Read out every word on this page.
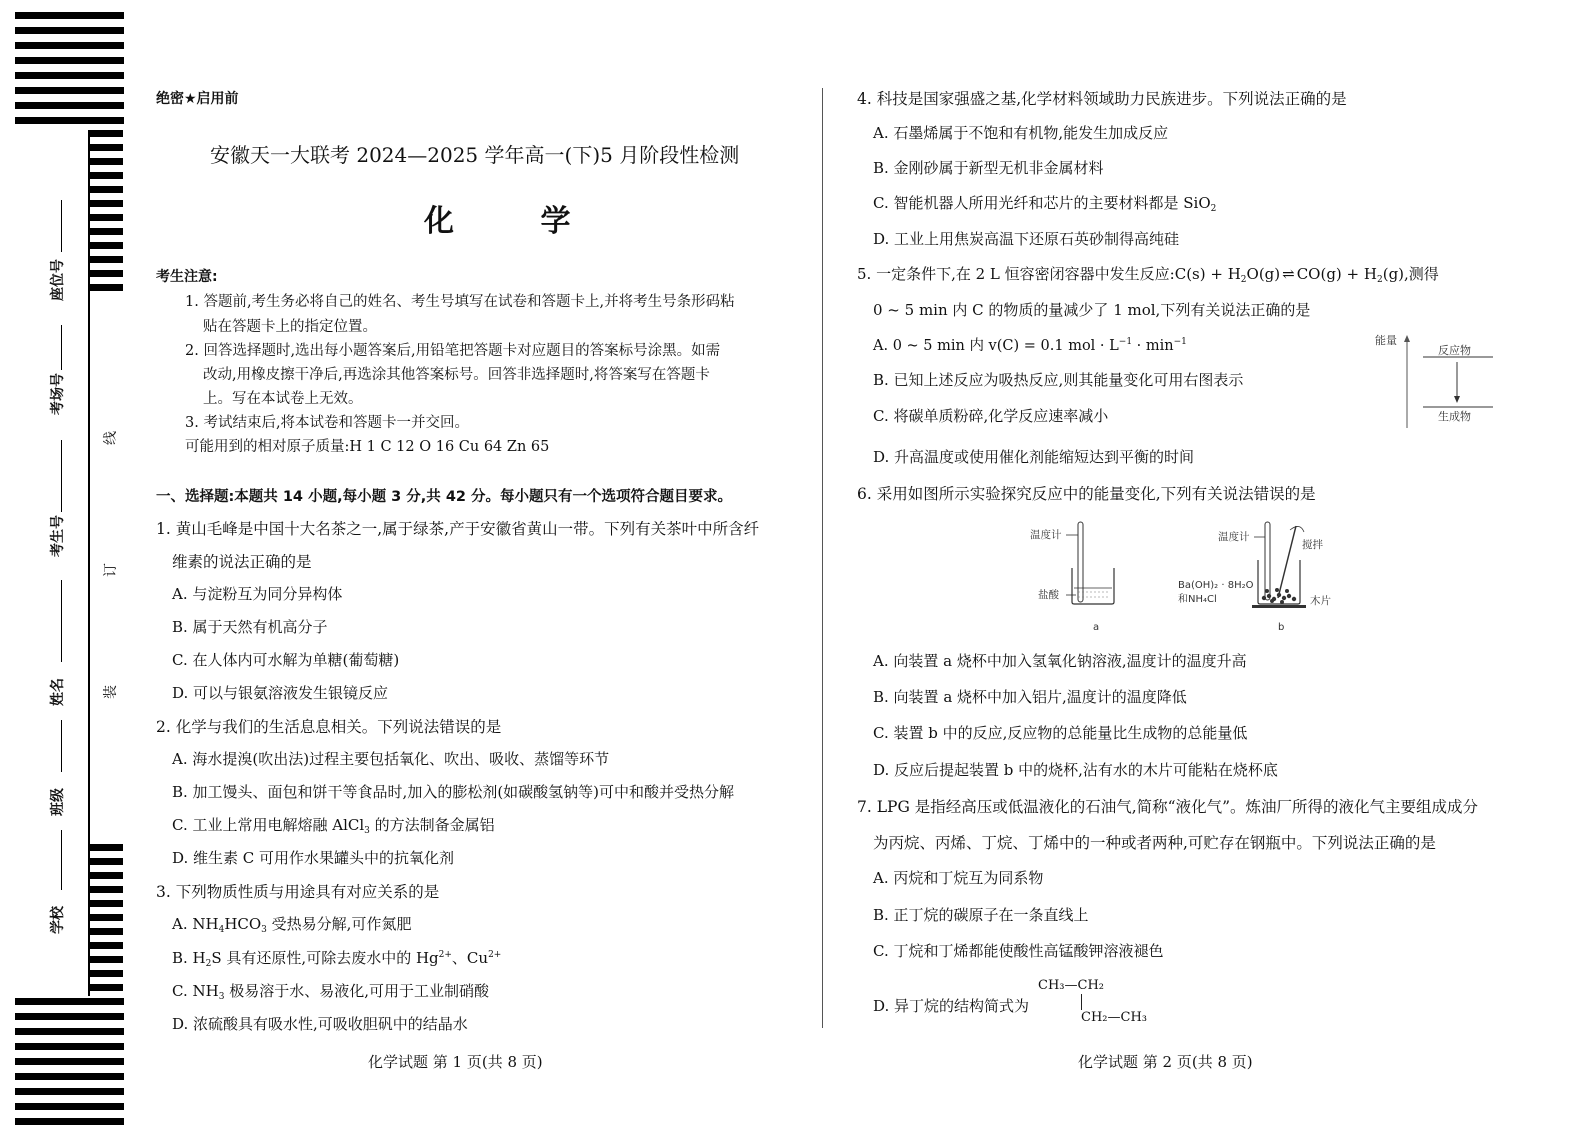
座位号
考场号
考生号
姓名
班级
学校
线
订
装
绝密★启用前
安徽天一大联考 2024—2025 学年高一(下)5 月阶段性检测
化 学
考生注意:
1. 答题前,考生务必将自己的姓名、考生号填写在试卷和答题卡上,并将考生号条形码粘
贴在答题卡上的指定位置。
2. 回答选择题时,选出每小题答案后,用铅笔把答题卡对应题目的答案标号涂黑。如需
改动,用橡皮擦干净后,再选涂其他答案标号。回答非选择题时,将答案写在答题卡
上。写在本试卷上无效。
3. 考试结束后,将本试卷和答题卡一并交回。
可能用到的相对原子质量:H 1 C 12 O 16 Cu 64 Zn 65
一、选择题:本题共 14 小题,每小题 3 分,共 42 分。每小题只有一个选项符合题目要求。
1. 黄山毛峰是中国十大名茶之一,属于绿茶,产于安徽省黄山一带。下列有关茶叶中所含纤
维素的说法正确的是
A. 与淀粉互为同分异构体
B. 属于天然有机高分子
C. 在人体内可水解为单糖(葡萄糖)
D. 可以与银氨溶液发生银镜反应
2. 化学与我们的生活息息相关。下列说法错误的是
A. 海水提溴(吹出法)过程主要包括氧化、吹出、吸收、蒸馏等环节
B. 加工馒头、面包和饼干等食品时,加入的膨松剂(如碳酸氢钠等)可中和酸并受热分解
C. 工业上常用电解熔融 AlCl$_3$ 的方法制备金属铝
D. 维生素 C 可用作水果罐头中的抗氧化剂
3. 下列物质性质与用途具有对应关系的是
A. $NH_4HCO_3$ 受热易分解,可作氮肥
B. $H_2S$ 具有还原性,可除去废水中的 $Hg^{2+}$、$Cu^{2+}$
C. $NH_3$ 极易溶于水、易液化,可用于工业制硝酸
D. 浓硫酸具有吸水性,可吸收胆矾中的结晶水
化学试题 第 1 页(共 8 页)
4. 科技是国家强盛之基,化学材料领域助力民族进步。下列说法正确的是
A. 石墨烯属于不饱和有机物,能发生加成反应
B. 金刚砂属于新型无机非金属材料
C. 智能机器人所用光纤和芯片的主要材料都是 SiO$_2$
D. 工业上用焦炭高温下还原石英砂制得高纯硅
5. 一定条件下,在 2 L 恒容密闭容器中发生反应:C(s) + $H_2O(g)$ ⇌ $CO(g) + H_2(g)$,测得
0 ~ 5 min 内 C 的物质的量减少了 1 mol,下列有关说法正确的是
A. 0 ~ 5 min 内 v(C) = 0.1 mol · $L^{-1} \cdot \min^{-1}$
B. 已知上述反应为吸热反应,则其能量变化可用右图表示
C. 将碳单质粉碎,化学反应速率减小
D. 升高温度或使用催化剂能缩短达到平衡的时间
能量
反应物
生成物
6. 采用如图所示实验探究反应中的能量变化,下列有关说法错误的是
温度计
盐酸
a
温度计
搅拌
Ba(OH)₂ · 8H₂O
和NH₄Cl	木片
b
A. 向装置 a 烧杯中加入氢氧化钠溶液,温度计的温度升高
B. 向装置 a 烧杯中加入铝片,温度计的温度降低
C. 装置 b 中的反应,反应物的总能量比生成物的总能量低
D. 反应后提起装置 b 中的烧杯,沾有水的木片可能粘在烧杯底
7. LPG 是指经高压或低温液化的石油气,简称“液化气”。炼油厂所得的液化气主要组成成分
为丙烷、丙烯、丁烷、丁烯中的一种或者两种,可贮存在钢瓶中。下列说法正确的是
A. 丙烷和丁烷互为同系物
B. 正丁烷的碳原子在一条直线上
C. 丁烷和丁烯都能使酸性高锰酸钾溶液褪色
D. 异丁烷的结构简式为
CH₃—CH₂
CH₂—CH₃
化学试题 第 2 页(共 8 页)
